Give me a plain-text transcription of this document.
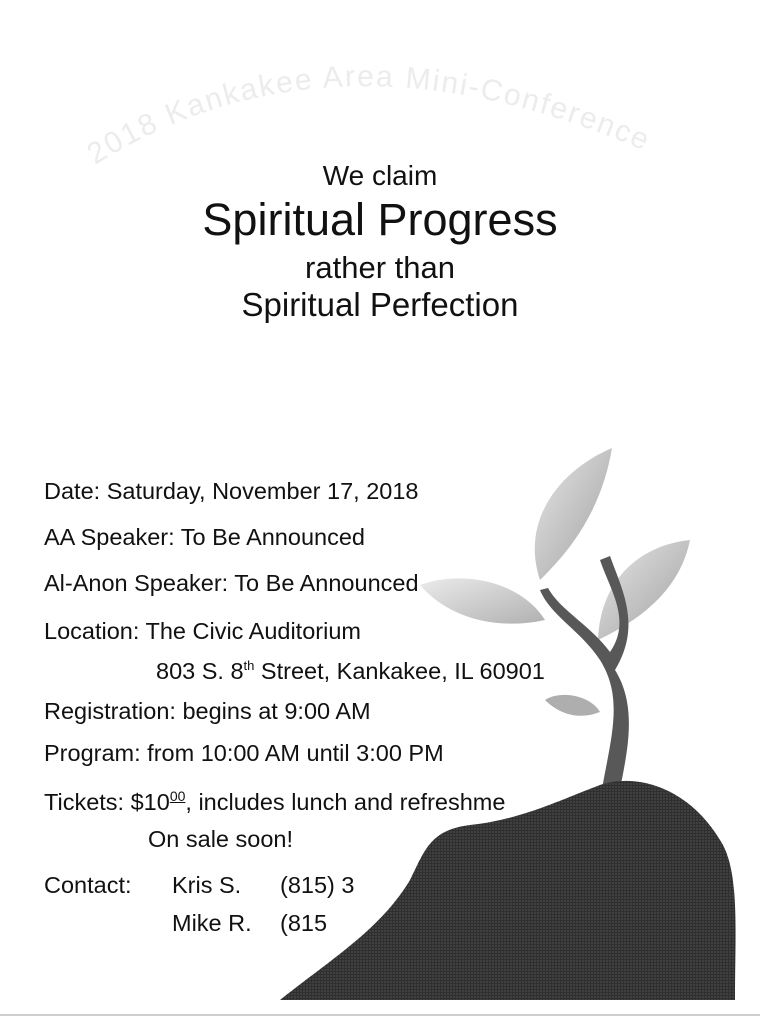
2018 Kankakee Area Mini-Conference
We claim
Spiritual Progress
rather than
Spiritual Perfection
Date: Saturday, November 17, 2018
AA Speaker: To Be Announced
Al-Anon Speaker: To Be Announced
Location: The Civic Auditorium
803 S. 8th Street, Kankakee, IL 60901
Registration: begins at 9:00 AM
Program: from 10:00 AM until 3:00 PM
Tickets: $\$10^{00}$, includes lunch and refreshme
On sale soon!
Contact: Kris S. (815) 3
Mike R. (815
